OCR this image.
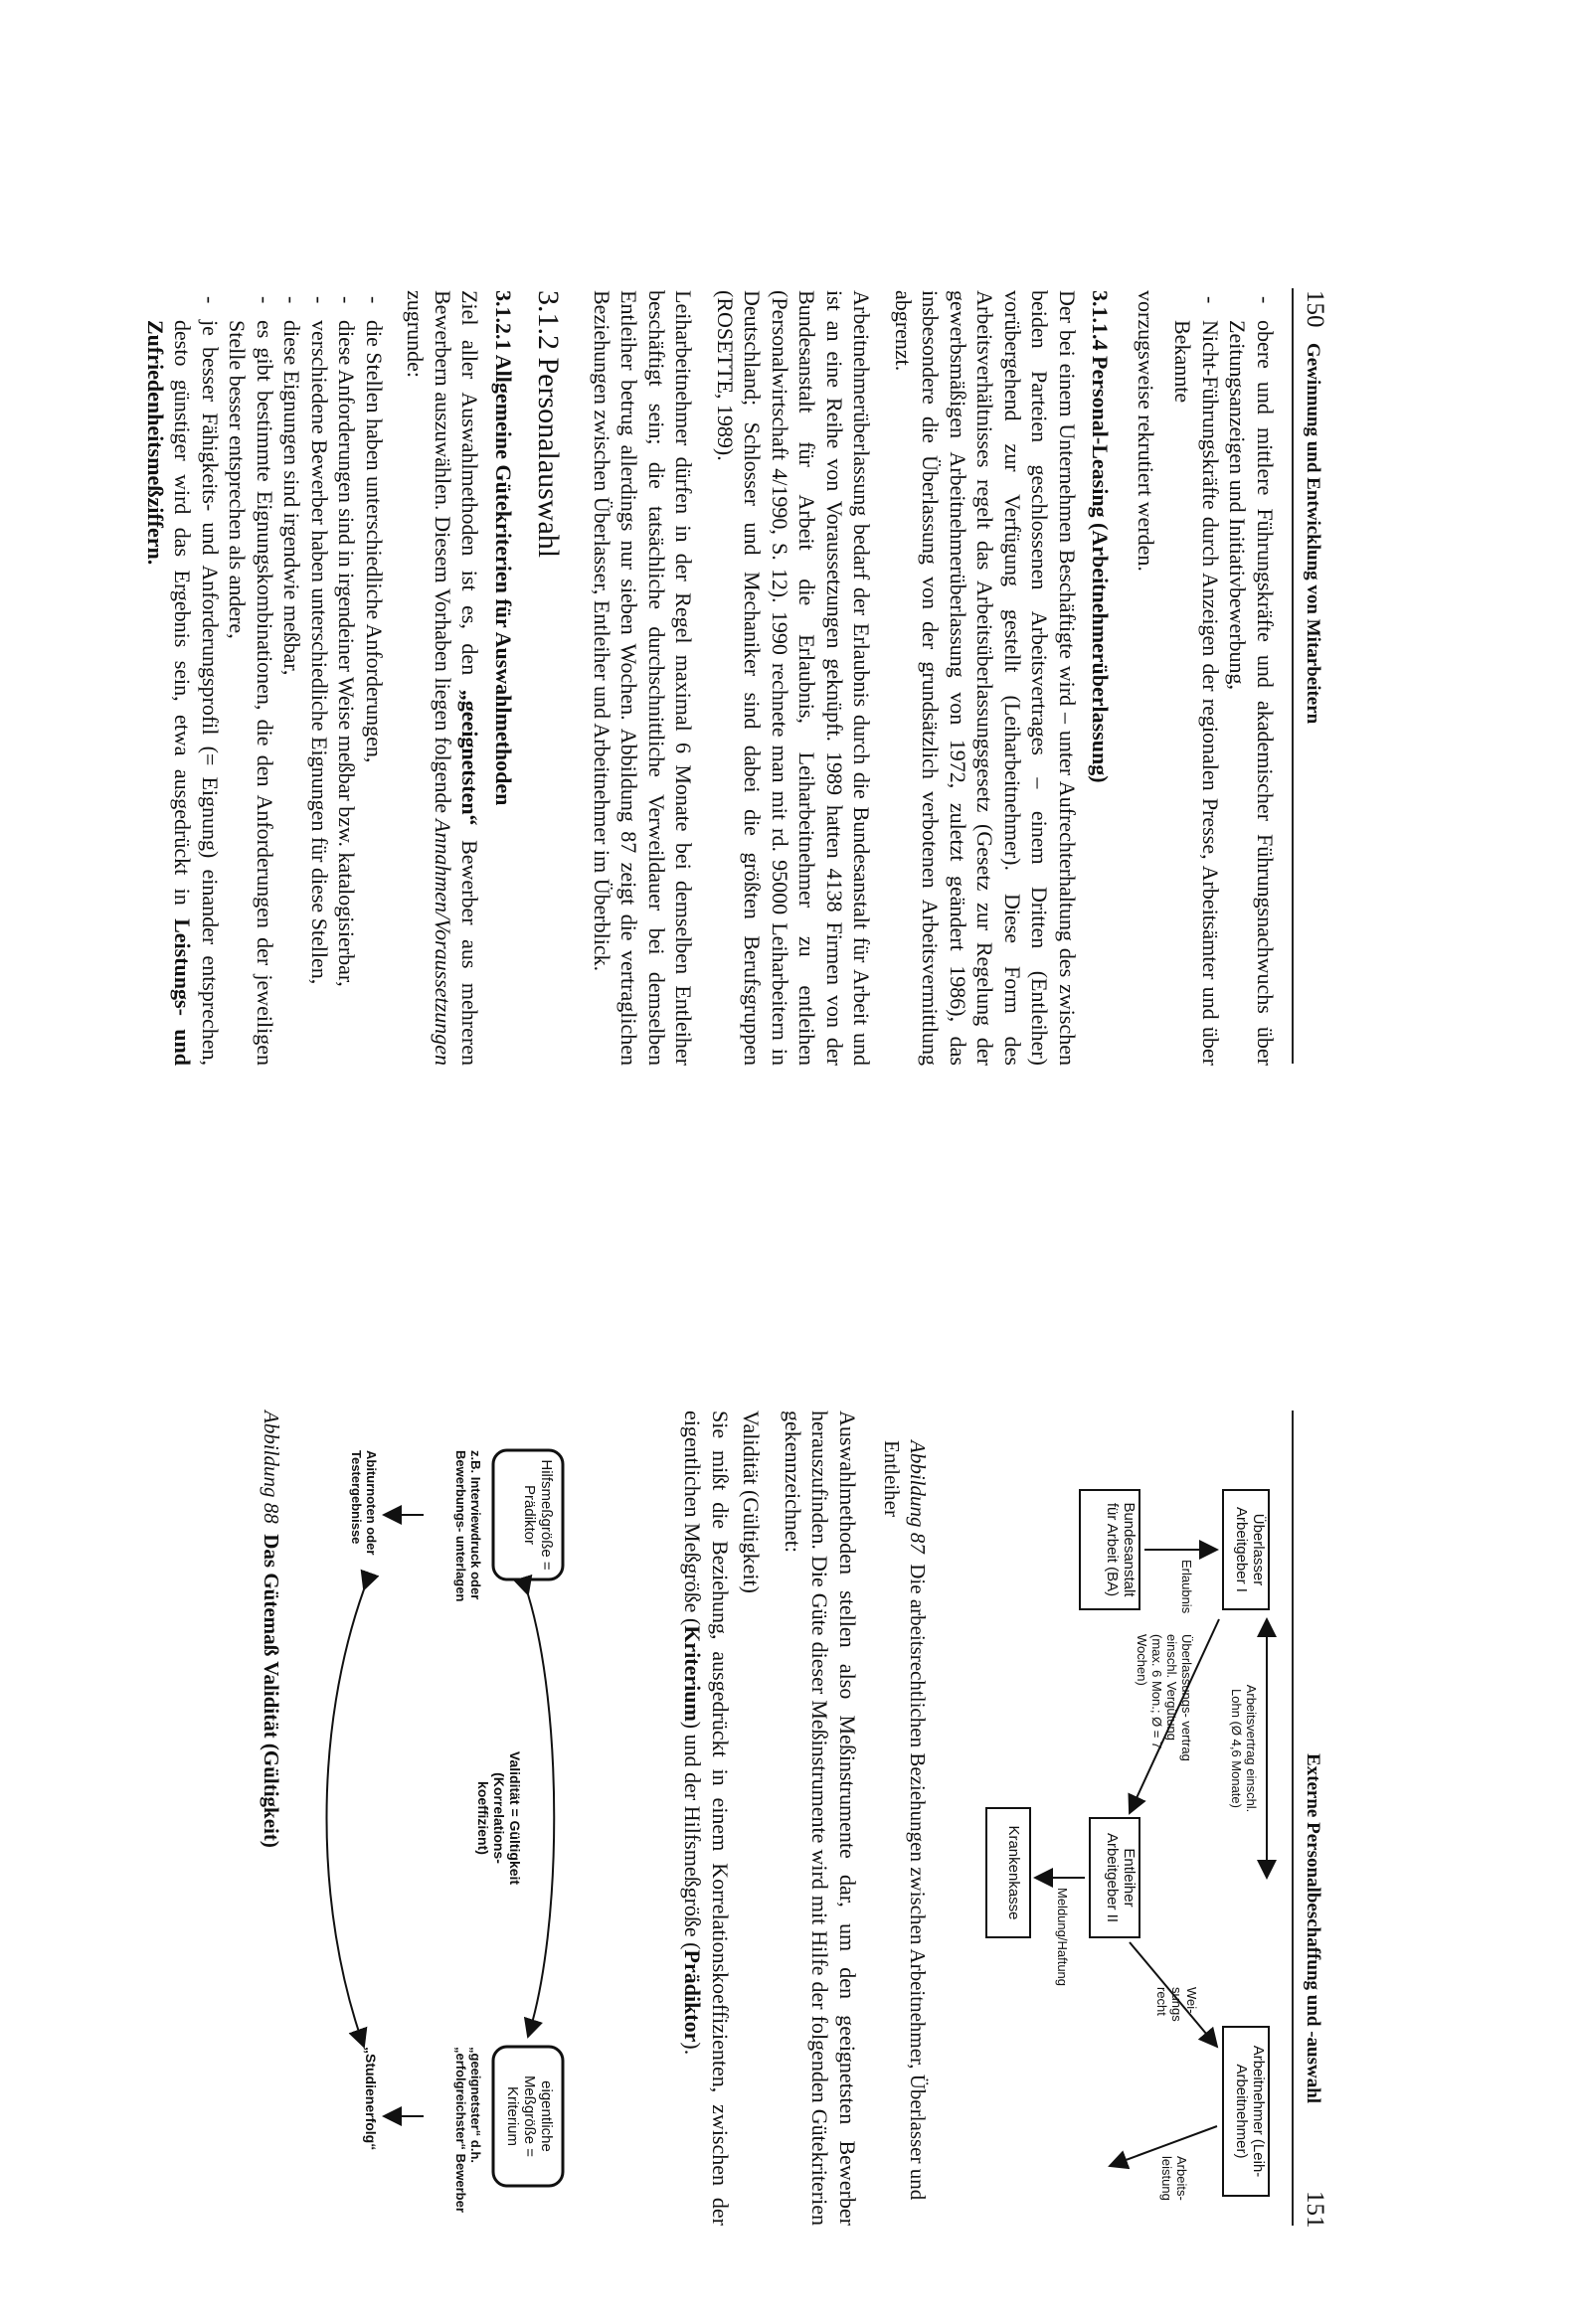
150
Gewinnung und Entwicklung von Mitarbeitern
- obere und mittlere Führungskräfte und akademischer Führungsnachwuchs über Zeitungsanzeigen und Initiativbewerbung,
- Nicht-Führungskräfte durch Anzeigen der regionalen Presse, Arbeitsämter und über Bekannte

vorzugsweise rekrutiert werden.

3.1.1.4 Personal-Leasing (Arbeitnehmerüberlassung)

Der bei einem Unternehmen Beschäftigte wird – unter Aufrechterhaltung des zwischen beiden Parteien geschlossenen Arbeitsvertrages – einem Dritten (Entleiher) vorübergehend zur Verfügung gestellt (Leiharbeitnehmer). Diese Form des Arbeitsverhältnisses regelt das Arbeitsüberlassungsgesetz (Gesetz zur Regelung der gewerbsmäßigen Arbeitnehmerüberlassung von 1972, zuletzt geändert 1986), das insbesondere die Überlassung von der grundsätzlich verbotenen Arbeitsvermittlung abgrenzt.

Arbeitnehmerüberlassung bedarf der Erlaubnis durch die Bundesanstalt für Arbeit und ist an eine Reihe von Voraussetzungen geknüpft. 1989 hatten 4138 Firmen von der Bundesanstalt für Arbeit die Erlaubnis, Leiharbeitnehmer zu entleihen (Personalwirtschaft 4/1990, S. 12). 1990 rechnete man mit rd. 95000 Leiharbeitern in Deutschland; Schlosser und Mechaniker sind dabei die größten Berufsgruppen (ROSETTE, 1989).

Leiharbeitnehmer dürfen in der Regel maximal 6 Monate bei demselben Entleiher beschäftigt sein; die tatsächliche durchschnittliche Verweildauer bei demselben Entleiher betrug allerdings nur sieben Wochen. Abbildung 87 zeigt die vertraglichen Beziehungen zwischen Überlasser, Entleiher und Arbeitnehmer im Überblick.

3.1.2 Personalauswahl
3.1.2.1 Allgemeine Gütekriterien für Auswahlmethoden

Ziel aller Auswahlmethoden ist es, den „geeignetsten“ Bewerber aus mehreren Bewerbern auszuwählen. Diesem Vorhaben liegen folgende Annahmen/Voraussetzungen zugrunde:

- die Stellen haben unterschiedliche Anforderungen,
- diese Anforderungen sind in irgendeiner Weise meßbar bzw. katalogisierbar,
- verschiedene Bewerber haben unterschiedliche Eignungen für diese Stellen,
- diese Eignungen sind irgendwie meßbar,
- es gibt bestimmte Eignungskombinationen, die den Anforderungen der jeweiligen Stelle besser entsprechen als andere,
- je besser Fähigkeits- und Anforderungsprofil (= Eignung) einander entsprechen, desto günstiger wird das Ergebnis sein, etwa ausgedrückt in Leistungs- und Zufriedenheitsmeßziffern.
Externe Personalbeschaffung und -auswahl
151
Überlasser Arbeitgeber I
Arbeitnehmer (Leih-Arbeitnehmer)
Entleiher Arbeitgeber II
Bundesanstalt für Arbeit (BA)
Krankenkasse
Arbeitsvertrag einschl. Lohn (Ø 4,6 Monate)
Überlassungs- vertrag einschl. Vergütung (max. 6 Mon.; Ø = 7 Wochen)
Wei- sungs recht
Arbeits- leistung
Erlaubnis
Meldung/Haftung
Abbildung 87  Die arbeitsrechtlichen Beziehungen zwischen Arbeitnehmer, Überlasser und Entleiher

Auswahlmethoden stellen also Meßinstrumente dar, um den geeignetsten Bewerber herauszufinden. Die Güte dieser Meßinstrumente wird mit Hilfe der folgenden Gütekriterien gekennzeichnet:

Validität (Gültigkeit)

Sie mißt die Beziehung, ausgedrückt in einem Korrelationskoeffizienten, zwischen der eigentlichen Meßgröße (Kriterium) und der Hilfsmeßgröße (Prädiktor).

Hilfsmeßgröße = Prädiktor
eigentliche Meßgröße = Kriterium
Validität = Gültigkeit (Korrelations- koeffizient)
z.B. Interviewdruck oder Bewerbungs- unterlagen
„geeignetster“ d.h. „erfolgreichster“ Bewerber
Abiturnoten oder Testergebnisse
„Studienerfolg“
Abbildung 88  Das Gütemaß Validität (Gültigkeit)
